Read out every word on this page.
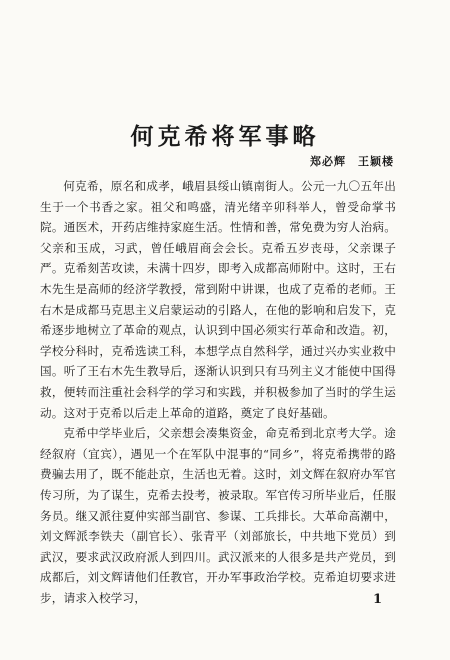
何克希将军事略
郑必辉　王颖楼

何克希，原名和成孝，峨眉县绥山镇南街人。公元一九〇五年出生于一个书香之家。祖父和鸣盛，清光绪辛卯科举人，曾受命掌书院。通医术，开药店维持家庭生活。性情和善，常免费为穷人治病。父亲和玉成，习武，曾任峨眉商会会长。克希五岁丧母，父亲课子严。克希刻苦攻读，未满十四岁，即考入成都高师附中。这时，王右木先生是高师的经济学教授，常到附中讲课，也成了克希的老师。王右木是成都马克思主义启蒙运动的引路人，在他的影响和启发下，克希逐步地树立了革命的观点，认识到中国必须实行革命和改造。初，学校分科时，克希选读工科，本想学点自然科学，通过兴办实业救中国。听了王右木先生教导后，逐渐认识到只有马列主义才能使中国得救，便转而注重社会科学的学习和实践，并积极参加了当时的学生运动。这对于克希以后走上革命的道路，奠定了良好基础。

克希中学毕业后，父亲想会凑集资金，命克希到北京考大学。途经叙府（宜宾），遇见一个在军队中混事的“同乡”，将克希携带的路费骗去用了，既不能赴京，生活也无着。这时，刘文辉在叙府办军官传习所，为了谋生，克希去投考，被录取。军官传习所毕业后，任服务员。继又派往夏仲实部当副官、参谋、工兵排长。大革命高潮中，刘文辉派李铁夫（副官长）、张青平（刘部旅长，中共地下党员）到武汉，要求武汉政府派人到四川。武汉派来的人很多是共产党员，到成都后，刘文辉请他们任教官，开办军事政治学校。克希迫切要求进步，请求入校学习，	1
